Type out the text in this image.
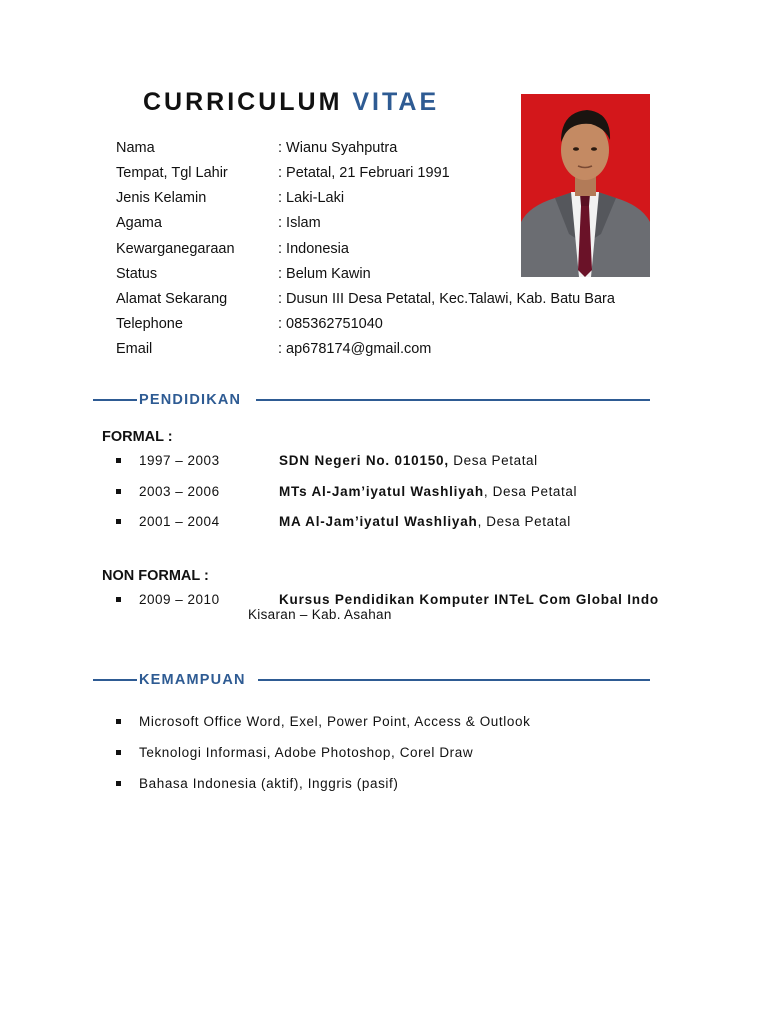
CURRICULUM VITAE
Nama	: Wianu Syahputra
Tempat, Tgl Lahir	: Petatal, 21 Februari 1991
Jenis Kelamin	: Laki-Laki
Agama	: Islam
Kewarganegaraan	: Indonesia
Status	: Belum Kawin
Alamat Sekarang	: Dusun III Desa Petatal, Kec.Talawi, Kab. Batu Bara
Telephone	: 085362751040
Email	: ap678174@gmail.com
PENDIDIKAN
FORMAL :
1997 – 2003	SDN Negeri No. 010150, Desa Petatal
2003 – 2006	MTs Al-Jam’iyatul Washliyah, Desa Petatal
2001 – 2004	MA Al-Jam’iyatul Washliyah, Desa Petatal
NON FORMAL :
2009 – 2010	Kursus Pendidikan Komputer INTeL Com Global Indo
Kisaran – Kab. Asahan
KEMAMPUAN
Microsoft Office Word, Exel, Power Point, Access & Outlook
Teknologi Informasi, Adobe Photoshop, Corel Draw
Bahasa Indonesia (aktif), Inggris (pasif)
